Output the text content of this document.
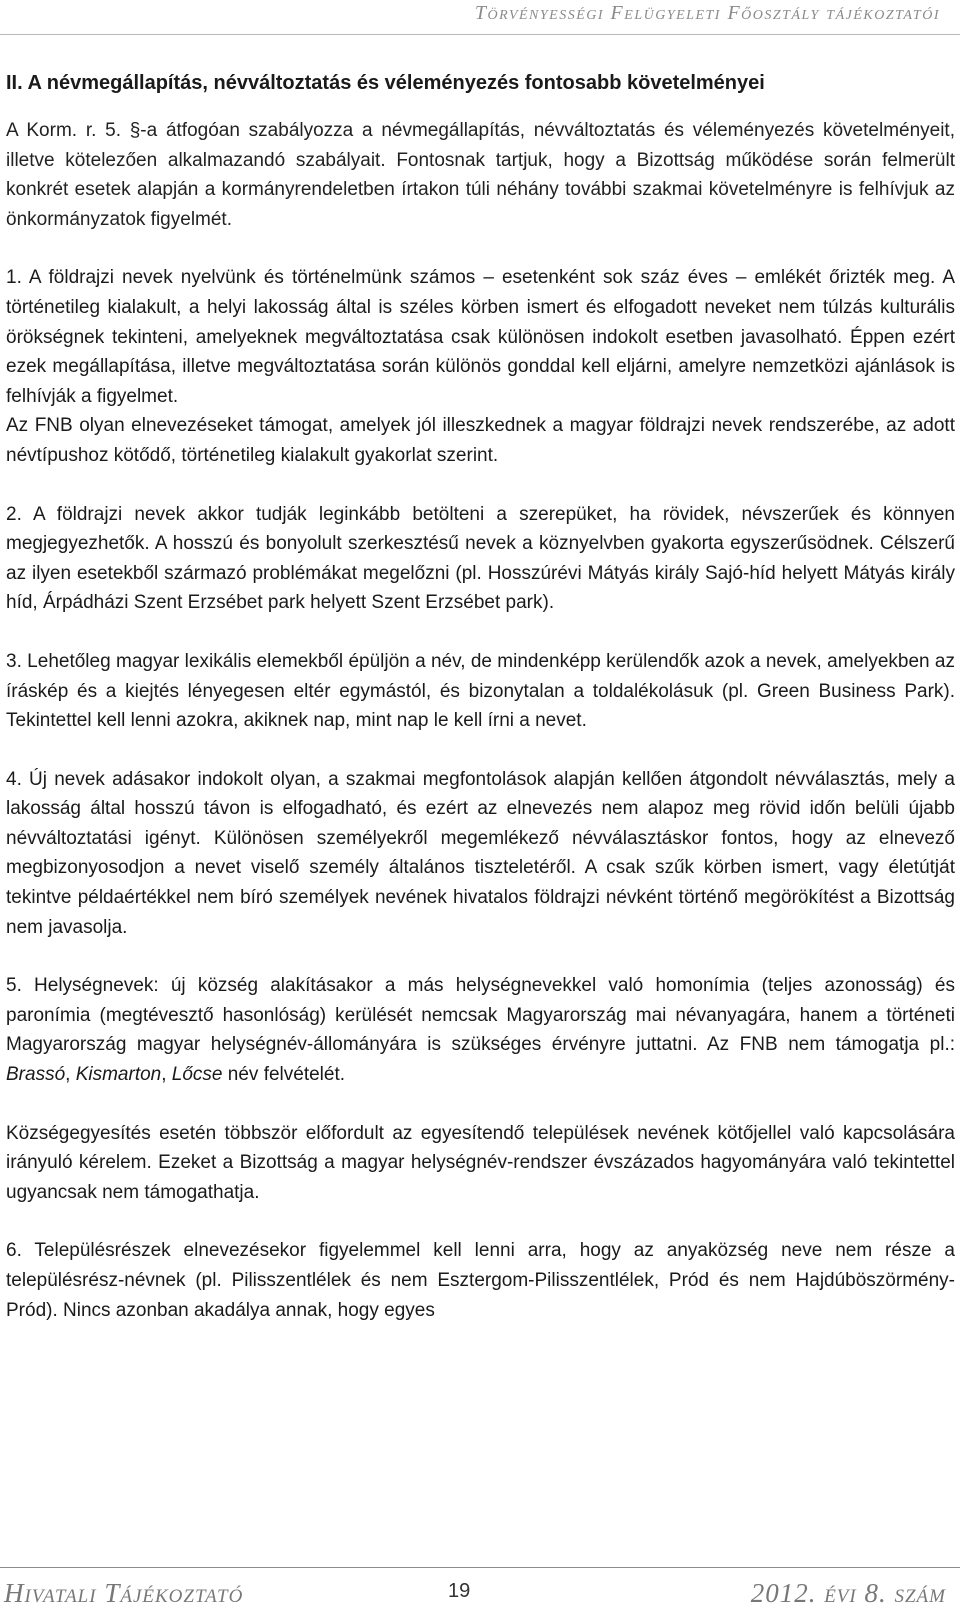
Törvényességi Felügyeleti Főosztály tájékoztatói
II. A névmegállapítás, névváltoztatás és véleményezés fontosabb követelményei

A Korm. r. 5. §-a átfogóan szabályozza a névmegállapítás, névváltoztatás és véleményezés követelményeit, illetve kötelezően alkalmazandó szabályait. Fontosnak tartjuk, hogy a Bizottság működése során felmerült konkrét esetek alapján a kormányrendeletben írtakon túli néhány további szakmai követelményre is felhívjuk az önkormányzatok figyelmét.

1. A földrajzi nevek nyelvünk és történelmünk számos – esetenként sok száz éves – emlékét őrizték meg. A történetileg kialakult, a helyi lakosság által is széles körben ismert és elfogadott neveket nem túlzás kulturális örökségnek tekinteni, amelyeknek megváltoztatása csak különösen indokolt esetben javasolható. Éppen ezért ezek megállapítása, illetve megváltoztatása során különös gonddal kell eljárni, amelyre nemzetközi ajánlások is felhívják a figyelmet.

Az FNB olyan elnevezéseket támogat, amelyek jól illeszkednek a magyar földrajzi nevek rendszerébe, az adott névtípushoz kötődő, történetileg kialakult gyakorlat szerint.

2. A földrajzi nevek akkor tudják leginkább betölteni a szerepüket, ha rövidek, névszerűek és könnyen megjegyezhetők. A hosszú és bonyolult szerkesztésű nevek a köznyelvben gyakorta egyszerűsödnek. Célszerű az ilyen esetekből származó problémákat megelőzni (pl. Hosszúrévi Mátyás király Sajó-híd helyett Mátyás király híd, Árpádházi Szent Erzsébet park helyett Szent Erzsébet park).

3. Lehetőleg magyar lexikális elemekből épüljön a név, de mindenképp kerülendők azok a nevek, amelyekben az íráskép és a kiejtés lényegesen eltér egymástól, és bizonytalan a toldalékolásuk (pl. Green Business Park). Tekintettel kell lenni azokra, akiknek nap, mint nap le kell írni a nevet.

4. Új nevek adásakor indokolt olyan, a szakmai megfontolások alapján kellően átgondolt névválasztás, mely a lakosság által hosszú távon is elfogadható, és ezért az elnevezés nem alapoz meg rövid időn belüli újabb névváltoztatási igényt. Különösen személyekről megemlékező névválasztáskor fontos, hogy az elnevező megbizonyosodjon a nevet viselő személy általános tiszteletéről. A csak szűk körben ismert, vagy életútját tekintve példaértékkel nem bíró személyek nevének hivatalos földrajzi névként történő megörökítést a Bizottság nem javasolja.

5. Helységnevek: új község alakításakor a más helységnevekkel való homonímia (teljes azonosság) és paronímia (megtévesztő hasonlóság) kerülését nemcsak Magyarország mai névanyagára, hanem a történeti Magyarország magyar helységnév-állományára is szükséges érvényre juttatni. Az FNB nem támogatja pl.: Brassó, Kismarton, Lőcse név felvételét.

Községegyesítés esetén többször előfordult az egyesítendő települések nevének kötőjellel való kapcsolására irányuló kérelem. Ezeket a Bizottság a magyar helységnév-rendszer évszázados hagyományára való tekintettel ugyancsak nem támogathatja.

6. Településrészek elnevezésekor figyelemmel kell lenni arra, hogy az anyaközség neve nem része a településrész-névnek (pl. Pilisszentlélek és nem Esztergom-Pilisszentlélek, Pród és nem Hajdúböszörmény-Pród). Nincs azonban akadálya annak, hogy egyes

Hivatali Tájékoztató	19	2012. évi 8. szám
